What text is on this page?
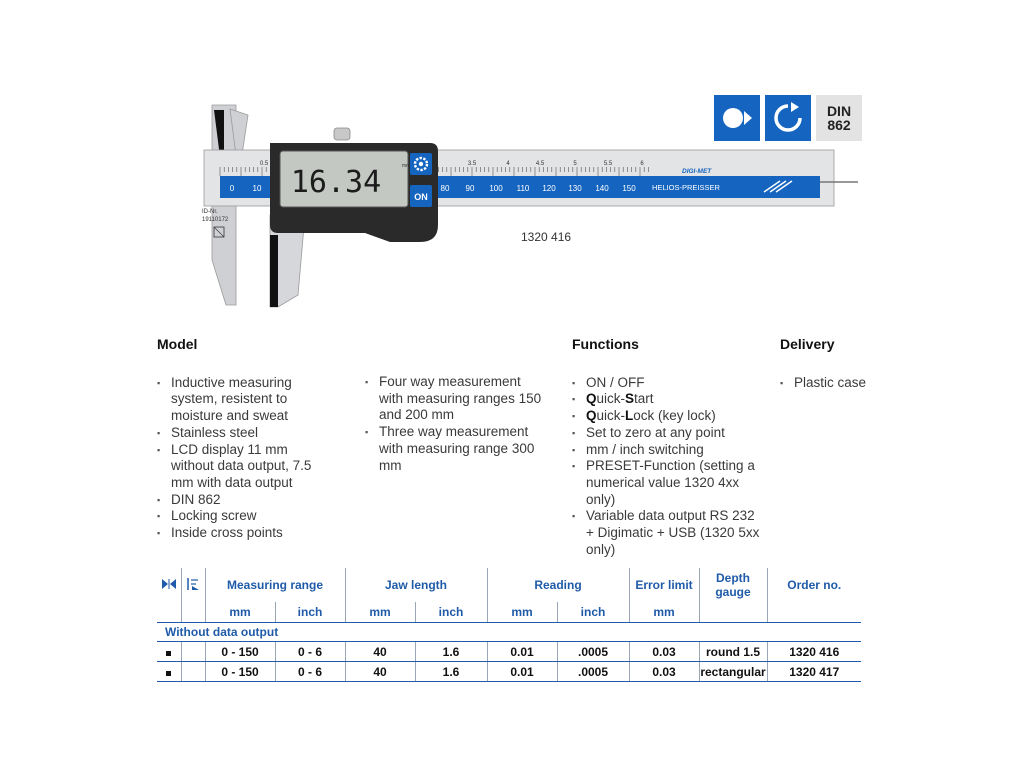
0 10	80 90 100 110 120 130 140 150
0.5	3.5	4	4.5	5	5.5	6
DIGI-MET
HELIOS-PREISSER
ID-Nr.
19110172
16.34	mm
ON
1320 416
DIN
862
Model
▪ Inductive measuring system, resistent to moisture and sweat
▪ Stainless steel
▪ LCD display 11 mm without data output, 7.5 mm with data output
▪ DIN 862
▪ Locking screw
▪ Inside cross points
▪ Four way measurement with measuring ranges 150 and 200 mm
▪ Three way measurement with measuring range 300 mm
Functions
▪ ON / OFF
▪ Quick-Start
▪ Quick-Lock (key lock)
▪ Set to zero at any point
▪ mm / inch switching
▪ PRESET-Function (setting a numerical value 1320 4xx only)
▪ Variable data output RS 232 + Digimatic + USB (1320 5xx only)
Delivery
▪ Plastic case
		Measuring range		Jaw length		Reading		Error limit	Depth gauge	Order no.
		mm	inch	mm	inch	mm	inch	mm		
Without data output										
		0 - 150	0 - 6	40	1.6	0.01	.0005	0.03	round 1.5	1320 416
		0 - 150	0 - 6	40	1.6	0.01	.0005	0.03	rectangular	1320 417
